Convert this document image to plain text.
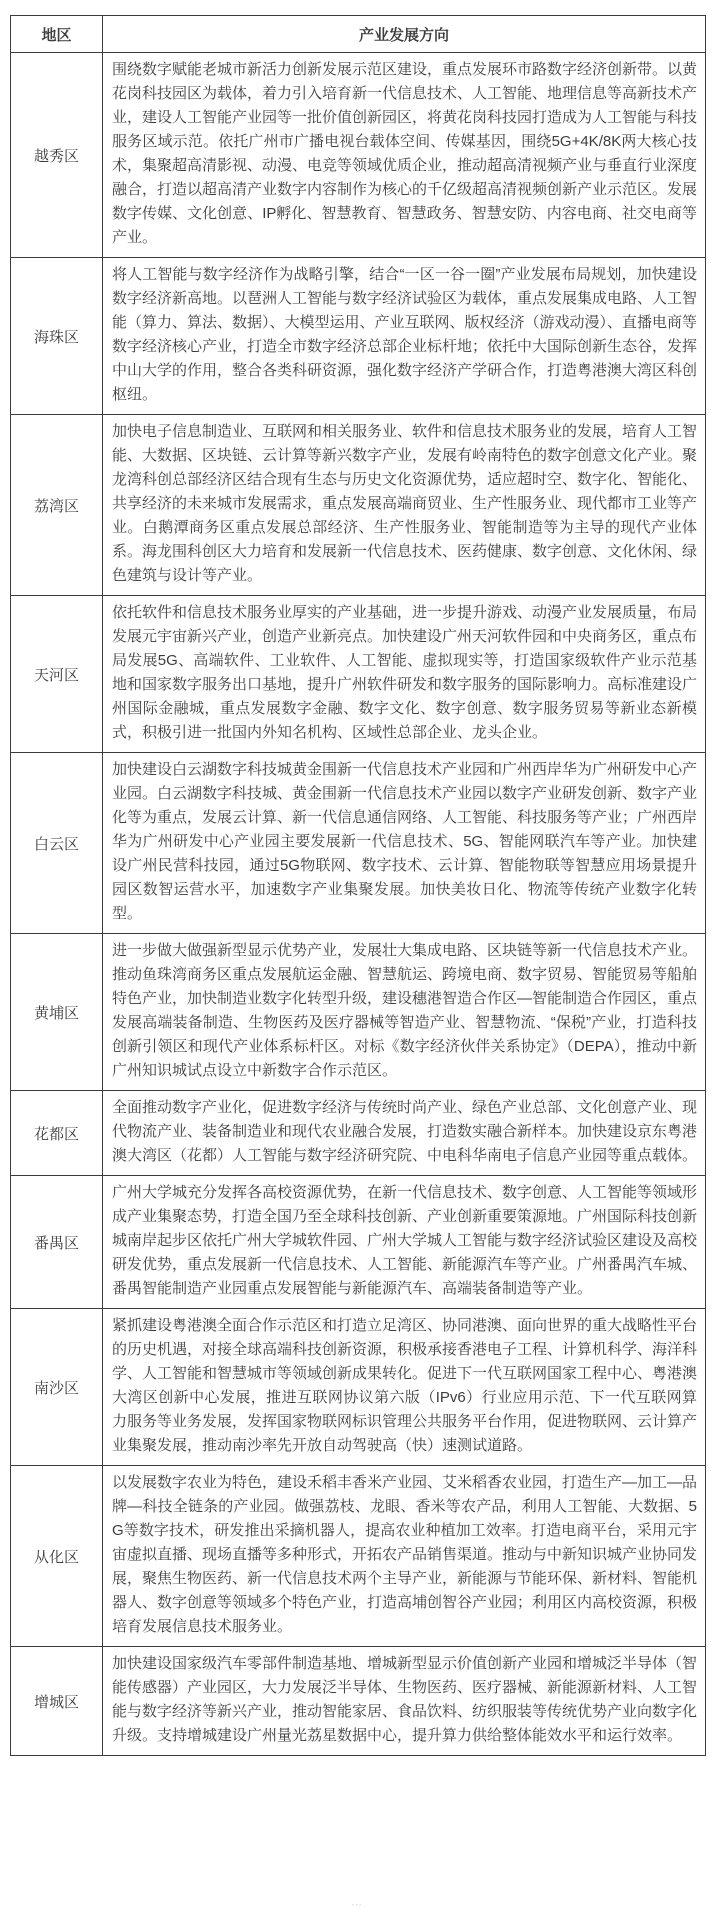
地区	产业发展方向
越秀区	围绕数字赋能老城市新活力创新发展示范区建设，重点发展环市路数字经济创新带。以黄花岗科技园区为载体，着力引入培育新一代信息技术、人工智能、地理信息等高新技术产业，建设人工智能产业园等一批价值创新园区，将黄花岗科技园打造成为人工智能与科技服务区域示范。依托广州市广播电视台载体空间、传媒基因，围绕5G+4K/8K两大核心技术，集聚超高清影视、动漫、电竞等领域优质企业，推动超高清视频产业与垂直行业深度融合，打造以超高清产业数字内容制作为核心的千亿级超高清视频创新产业示范区。发展数字传媒、文化创意、IP孵化、智慧教育、智慧政务、智慧安防、内容电商、社交电商等产业。
海珠区	将人工智能与数字经济作为战略引擎，结合“一区一谷一圈”产业发展布局规划，加快建设数字经济新高地。以琶洲人工智能与数字经济试验区为载体，重点发展集成电路、人工智能（算力、算法、数据）、大模型运用、产业互联网、版权经济（游戏动漫）、直播电商等数字经济核心产业，打造全市数字经济总部企业标杆地；依托中大国际创新生态谷，发挥中山大学的作用，整合各类科研资源，强化数字经济产学研合作，打造粤港澳大湾区科创枢纽。
荔湾区	加快电子信息制造业、互联网和相关服务业、软件和信息技术服务业的发展，培育人工智能、大数据、区块链、云计算等新兴数字产业，发展有岭南特色的数字创意文化产业。聚龙湾科创总部经济区结合现有生态与历史文化资源优势，适应超时空、数字化、智能化、共享经济的未来城市发展需求，重点发展高端商贸业、生产性服务业、现代都市工业等产业。白鹅潭商务区重点发展总部经济、生产性服务业、智能制造等为主导的现代产业体系。海龙围科创区大力培育和发展新一代信息技术、医药健康、数字创意、文化休闲、绿色建筑与设计等产业。
天河区	依托软件和信息技术服务业厚实的产业基础，进一步提升游戏、动漫产业发展质量，布局发展元宇宙新兴产业，创造产业新亮点。加快建设广州天河软件园和中央商务区，重点布局发展5G、高端软件、工业软件、人工智能、虚拟现实等，打造国家级软件产业示范基地和国家数字服务出口基地，提升广州软件研发和数字服务的国际影响力。高标准建设广州国际金融城，重点发展数字金融、数字文化、数字创意、数字服务贸易等新业态新模式，积极引进一批国内外知名机构、区域性总部企业、龙头企业。
白云区	加快建设白云湖数字科技城黄金围新一代信息技术产业园和广州西岸华为广州研发中心产业园。白云湖数字科技城、黄金围新一代信息技术产业园以数字产业研发创新、数字产业化等为重点，发展云计算、新一代信息通信网络、人工智能、科技服务等产业；广州西岸华为广州研发中心产业园主要发展新一代信息技术、5G、智能网联汽车等产业。加快建设广州民营科技园，通过5G物联网、数字技术、云计算、智能物联等智慧应用场景提升园区数智运营水平，加速数字产业集聚发展。加快美妆日化、物流等传统产业数字化转型。
黄埔区	进一步做大做强新型显示优势产业，发展壮大集成电路、区块链等新一代信息技术产业。推动鱼珠湾商务区重点发展航运金融、智慧航运、跨境电商、数字贸易、智能贸易等船舶特色产业，加快制造业数字化转型升级，建设穗港智造合作区—智能制造合作园区，重点发展高端装备制造、生物医药及医疗器械等智造产业、智慧物流、“保税”产业，打造科技创新引领区和现代产业体系标杆区。对标《数字经济伙伴关系协定》（DEPA），推动中新广州知识城试点设立中新数字合作示范区。
花都区	全面推动数字产业化，促进数字经济与传统时尚产业、绿色产业总部、文化创意产业、现代物流产业、装备制造业和现代农业融合发展，打造数实融合新样本。加快建设京东粤港澳大湾区（花都）人工智能与数字经济研究院、中电科华南电子信息产业园等重点载体。
番禺区	广州大学城充分发挥各高校资源优势，在新一代信息技术、数字创意、人工智能等领域形成产业集聚态势，打造全国乃至全球科技创新、产业创新重要策源地。广州国际科技创新城南岸起步区依托广州大学城软件园、广州大学城人工智能与数字经济试验区建设及高校研发优势，重点发展新一代信息技术、人工智能、新能源汽车等产业。广州番禺汽车城、番禺智能制造产业园重点发展智能与新能源汽车、高端装备制造等产业。
南沙区	紧抓建设粤港澳全面合作示范区和打造立足湾区、协同港澳、面向世界的重大战略性平台的历史机遇，对接全球高端科技创新资源，积极承接香港电子工程、计算机科学、海洋科学、人工智能和智慧城市等领域创新成果转化。促进下一代互联网国家工程中心、粤港澳大湾区创新中心发展，推进互联网协议第六版（IPv6）行业应用示范、下一代互联网算力服务等业务发展，发挥国家物联网标识管理公共服务平台作用，促进物联网、云计算产业集聚发展，推动南沙率先开放自动驾驶高（快）速测试道路。
从化区	以发展数字农业为特色，建设禾稻丰香米产业园、艾米稻香农业园，打造生产—加工—品牌—科技全链条的产业园。做强荔枝、龙眼、香米等农产品，利用人工智能、大数据、5G等数字技术，研发推出采摘机器人，提高农业种植加工效率。打造电商平台，采用元宇宙虚拟直播、现场直播等多种形式，开拓农产品销售渠道。推动与中新知识城产业协同发展，聚焦生物医药、新一代信息技术两个主导产业，新能源与节能环保、新材料、智能机器人、数字创意等领域多个特色产业，打造高埔创智谷产业园；利用区内高校资源，积极培育发展信息技术服务业。
增城区	加快建设国家级汽车零部件制造基地、增城新型显示价值创新产业园和增城泛半导体（智能传感器）产业园区，大力发展泛半导体、生物医药、医疗器械、新能源新材料、人工智能与数字经济等新兴产业，推动智能家居、食品饮料、纺织服装等传统优势产业向数字化升级。支持增城建设广州量光荔星数据中心，提升算力供给整体能效水平和运行效率。
⋯
